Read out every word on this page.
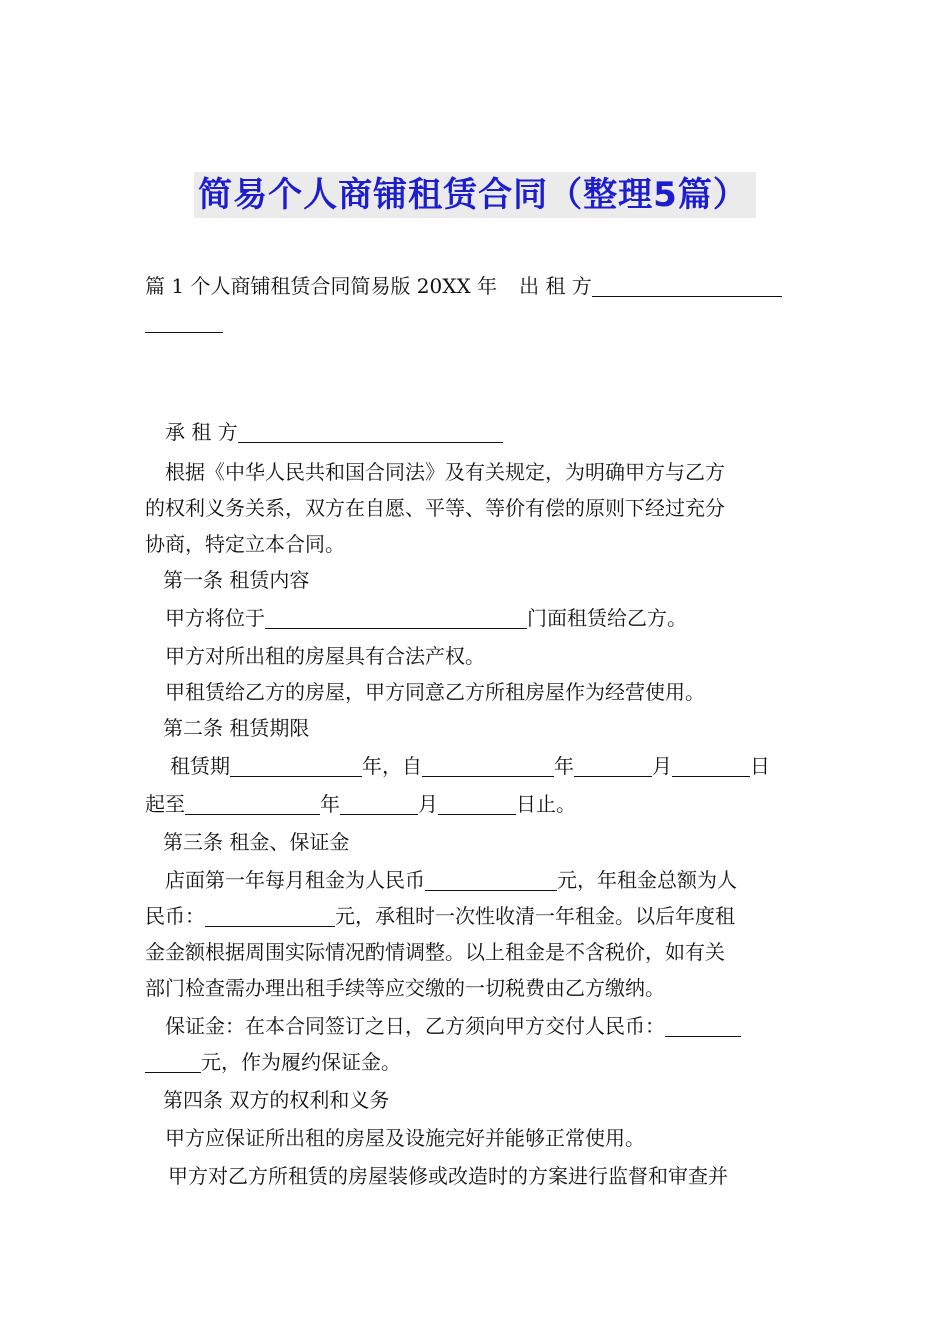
简易个人商铺租赁合同（整理5篇）
篇 1 个人商铺租赁合同简易版 20XX 年 出 租 方
承 租 方
根据《中华人民共和国合同法》及有关规定，为明确甲方与乙方
的权利义务关系，双方在自愿、平等、等价有偿的原则下经过充分
协商，特定立本合同。
第一条 租赁内容
甲方将位于	门面租赁给乙方。
甲方对所出租的房屋具有合法产权。
甲租赁给乙方的房屋，甲方同意乙方所租房屋作为经营使用。
第二条 租赁期限
租赁期	年，自	年	月	日
起至	年	月	日止。
第三条 租金、保证金
店面第一年每月租金为人民币	元，年租金总额为人
民币：	元，承租时一次性收清一年租金。以后年度租
金金额根据周围实际情况酌情调整。以上租金是不含税价，如有关
部门检查需办理出租手续等应交缴的一切税费由乙方缴纳。
保证金：在本合同签订之日，乙方须向甲方交付人民币：
元，作为履约保证金。
第四条 双方的权利和义务
甲方应保证所出租的房屋及设施完好并能够正常使用。
甲方对乙方所租赁的房屋装修或改造时的方案进行监督和审查并
